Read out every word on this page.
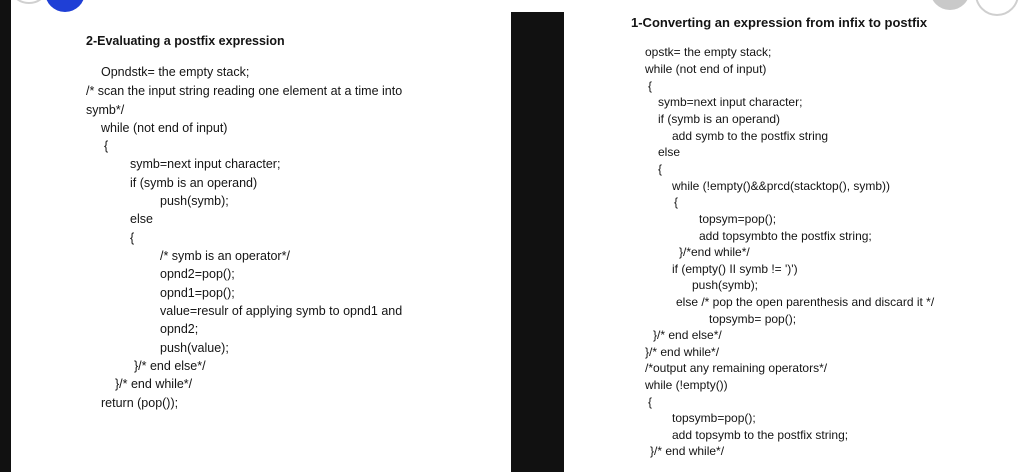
2-Evaluating a postfix expression
Opndstk= the empty stack;
/* scan the input string reading one element at a time into
symb*/
while (not end of input)
{
symb=next input character;
if (symb is an operand)
push(symb);
else
{
/* symb is an operator*/
opnd2=pop();
opnd1=pop();
value=resulr of applying symb to opnd1 and
opnd2;
push(value);
}/* end else*/
}/* end while*/
return (pop());
1-Converting an expression from infix to postfix
opstk= the empty stack;
while (not end of input)
{
symb=next input character;
if (symb is an operand)
add symb to the postfix string
else
{
while (!empty()&&prcd(stacktop(), symb))
{
topsym=pop();
add topsymbto the postfix string;
}/*end while*/
if (empty() II symb != ')')
push(symb);
else /* pop the open parenthesis and discard it */
topsymb= pop();
}/* end else*/
}/* end while*/
/*output any remaining operators*/
while (!empty())
{
topsymb=pop();
add topsymb to the postfix string;
}/* end while*/
